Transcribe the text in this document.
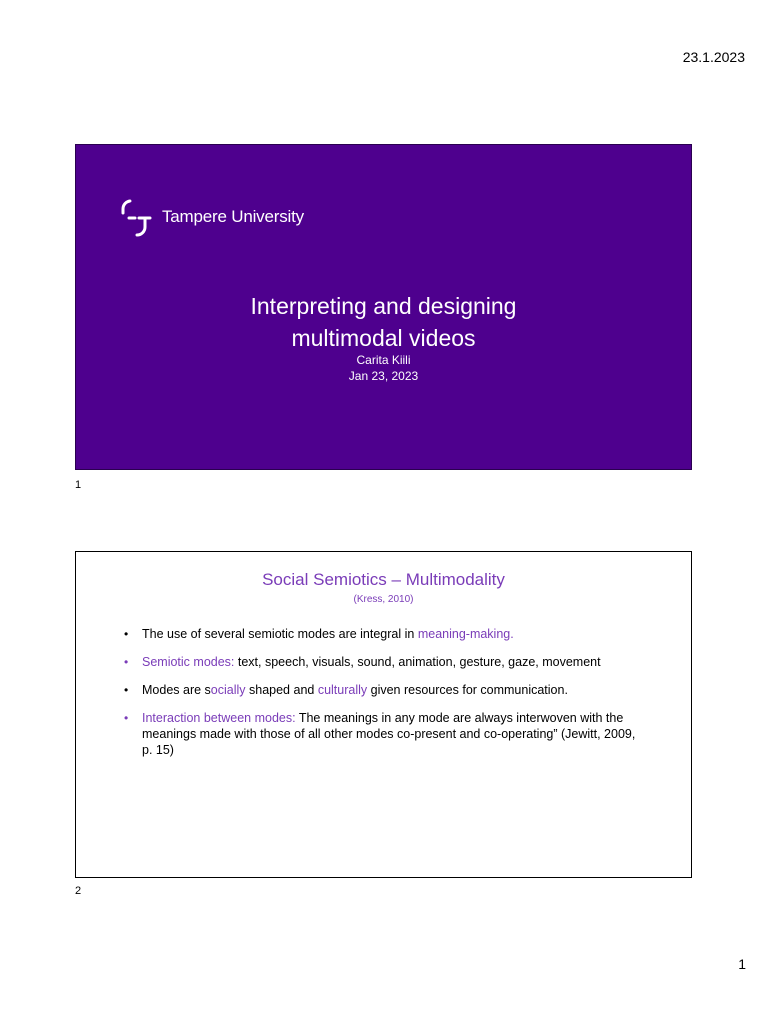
23.1.2023
Tampere University
Interpreting and designing
multimodal videos
Carita Kiili
Jan 23, 2023
1
Social Semiotics – Multimodality
(Kress, 2010)
• The use of several semiotic modes are integral in meaning-making.
• Semiotic modes: text, speech, visuals, sound, animation, gesture, gaze, movement
• Modes are socially shaped and culturally given resources for communication.
• Interaction between modes: The meanings in any mode are always interwoven with the meanings made with those of all other modes co-present and co-operating” (Jewitt, 2009, p. 15)
2
1
